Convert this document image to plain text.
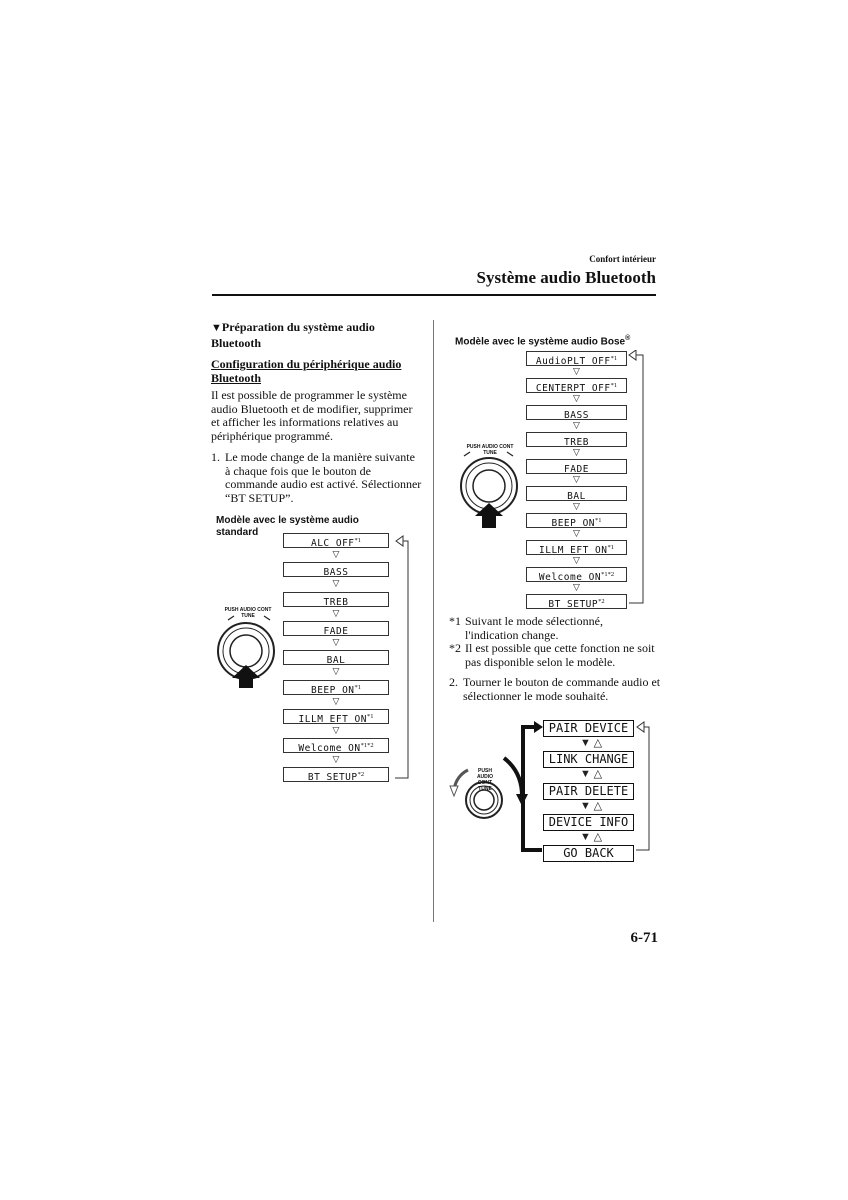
Confort intérieur
Système audio Bluetooth
▼Préparation du système audio Bluetooth
Configuration du périphérique audio Bluetooth
Il est possible de programmer le système audio Bluetooth et de modifier, supprimer et afficher les informations relatives au périphérique programmé.
1. Le mode change de la manière suivante à chaque fois que le bouton de commande audio est activé. Sélectionner “BT SETUP”.
Modèle avec le système audio standard
PUSH AUDIO CONT
TUNE
ALC OFF$^{*1}$
▽
BASS
▽
TREB
▽
FADE
▽
BAL
▽
BEEP ON$^{*1}$
▽
ILLM EFT ON$^{*1}$
▽
Welcome $ON^{*1*2}$
▽
BT SETUP$^{*2}$
Modèle avec le système audio Bose®
PUSH AUDIO CONT
TUNE
AudioPLT OFF$^{*1}$
▽
CENTERPT OFF$^{*1}$
▽
BASS
▽
TREB
▽
FADE
▽
BAL
▽
BEEP ON$^{*1}$
▽
ILLM EFT ON$^{*1}$
▽
Welcome $ON^{*1*2}$
▽
BT SETUP$^{*2}$
*1 Suivant le mode sélectionné, l'indication change.
*2 Il est possible que cette fonction ne soit pas disponible selon le modèle.
2. Tourner le bouton de commande audio et sélectionner le mode souhaité.
PUSH AUDIO CONT
TUNE
PAIR DEVICE
▼ △
LINK CHANGE
▼ △
PAIR DELETE
▼ △
DEVICE INFO
▼ △
GO BACK
6-71
